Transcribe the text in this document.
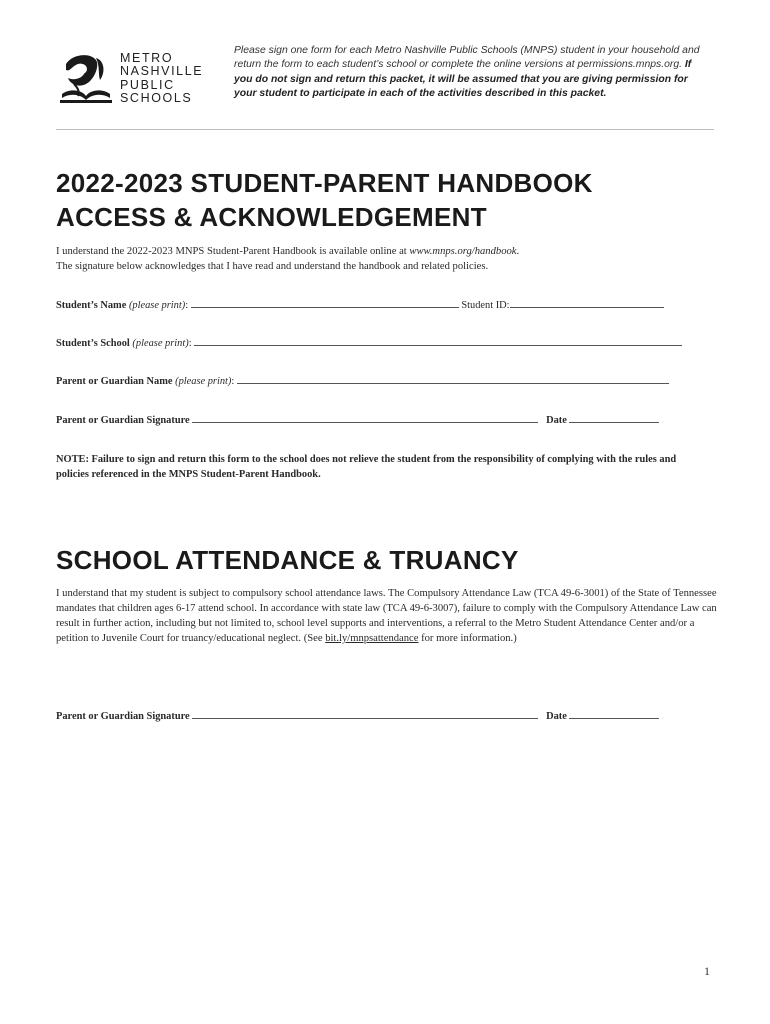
METRO
NASHVILLE
PUBLIC
SCHOOLS
Please sign one form for each Metro Nashville Public Schools (MNPS) student in your household and return the form to each student’s school or complete the online versions at permissions.mnps.org. If you do not sign and return this packet, it will be assumed that you are giving permission for your student to participate in each of the activities described in this packet.
2022-2023 STUDENT-PARENT HANDBOOK
ACCESS & ACKNOWLEDGEMENT
I understand the 2022-2023 MNPS Student-Parent Handbook is available online at www.mnps.org/handbook.
The signature below acknowledges that I have read and understand the handbook and related policies.
Student’s Name (please print):	Student ID:
Student’s School (please print):
Parent or Guardian Name (please print):
Parent or Guardian Signature	Date
NOTE: Failure to sign and return this form to the school does not relieve the student from the responsibility of complying with the rules and policies referenced in the MNPS Student-Parent Handbook.
SCHOOL ATTENDANCE & TRUANCY
I understand that my student is subject to compulsory school attendance laws. The Compulsory Attendance Law (TCA 49-6-3001) of the State of Tennessee mandates that children ages 6-17 attend school. In accordance with state law (TCA 49-6-3007), failure to comply with the Compulsory Attendance Law can result in further action, including but not limited to, school level supports and interventions, a referral to the Metro Student Attendance Center and/or a petition to Juvenile Court for truancy/educational neglect. (See bit.ly/mnpsattendance for more information.)
Parent or Guardian Signature	Date
1
